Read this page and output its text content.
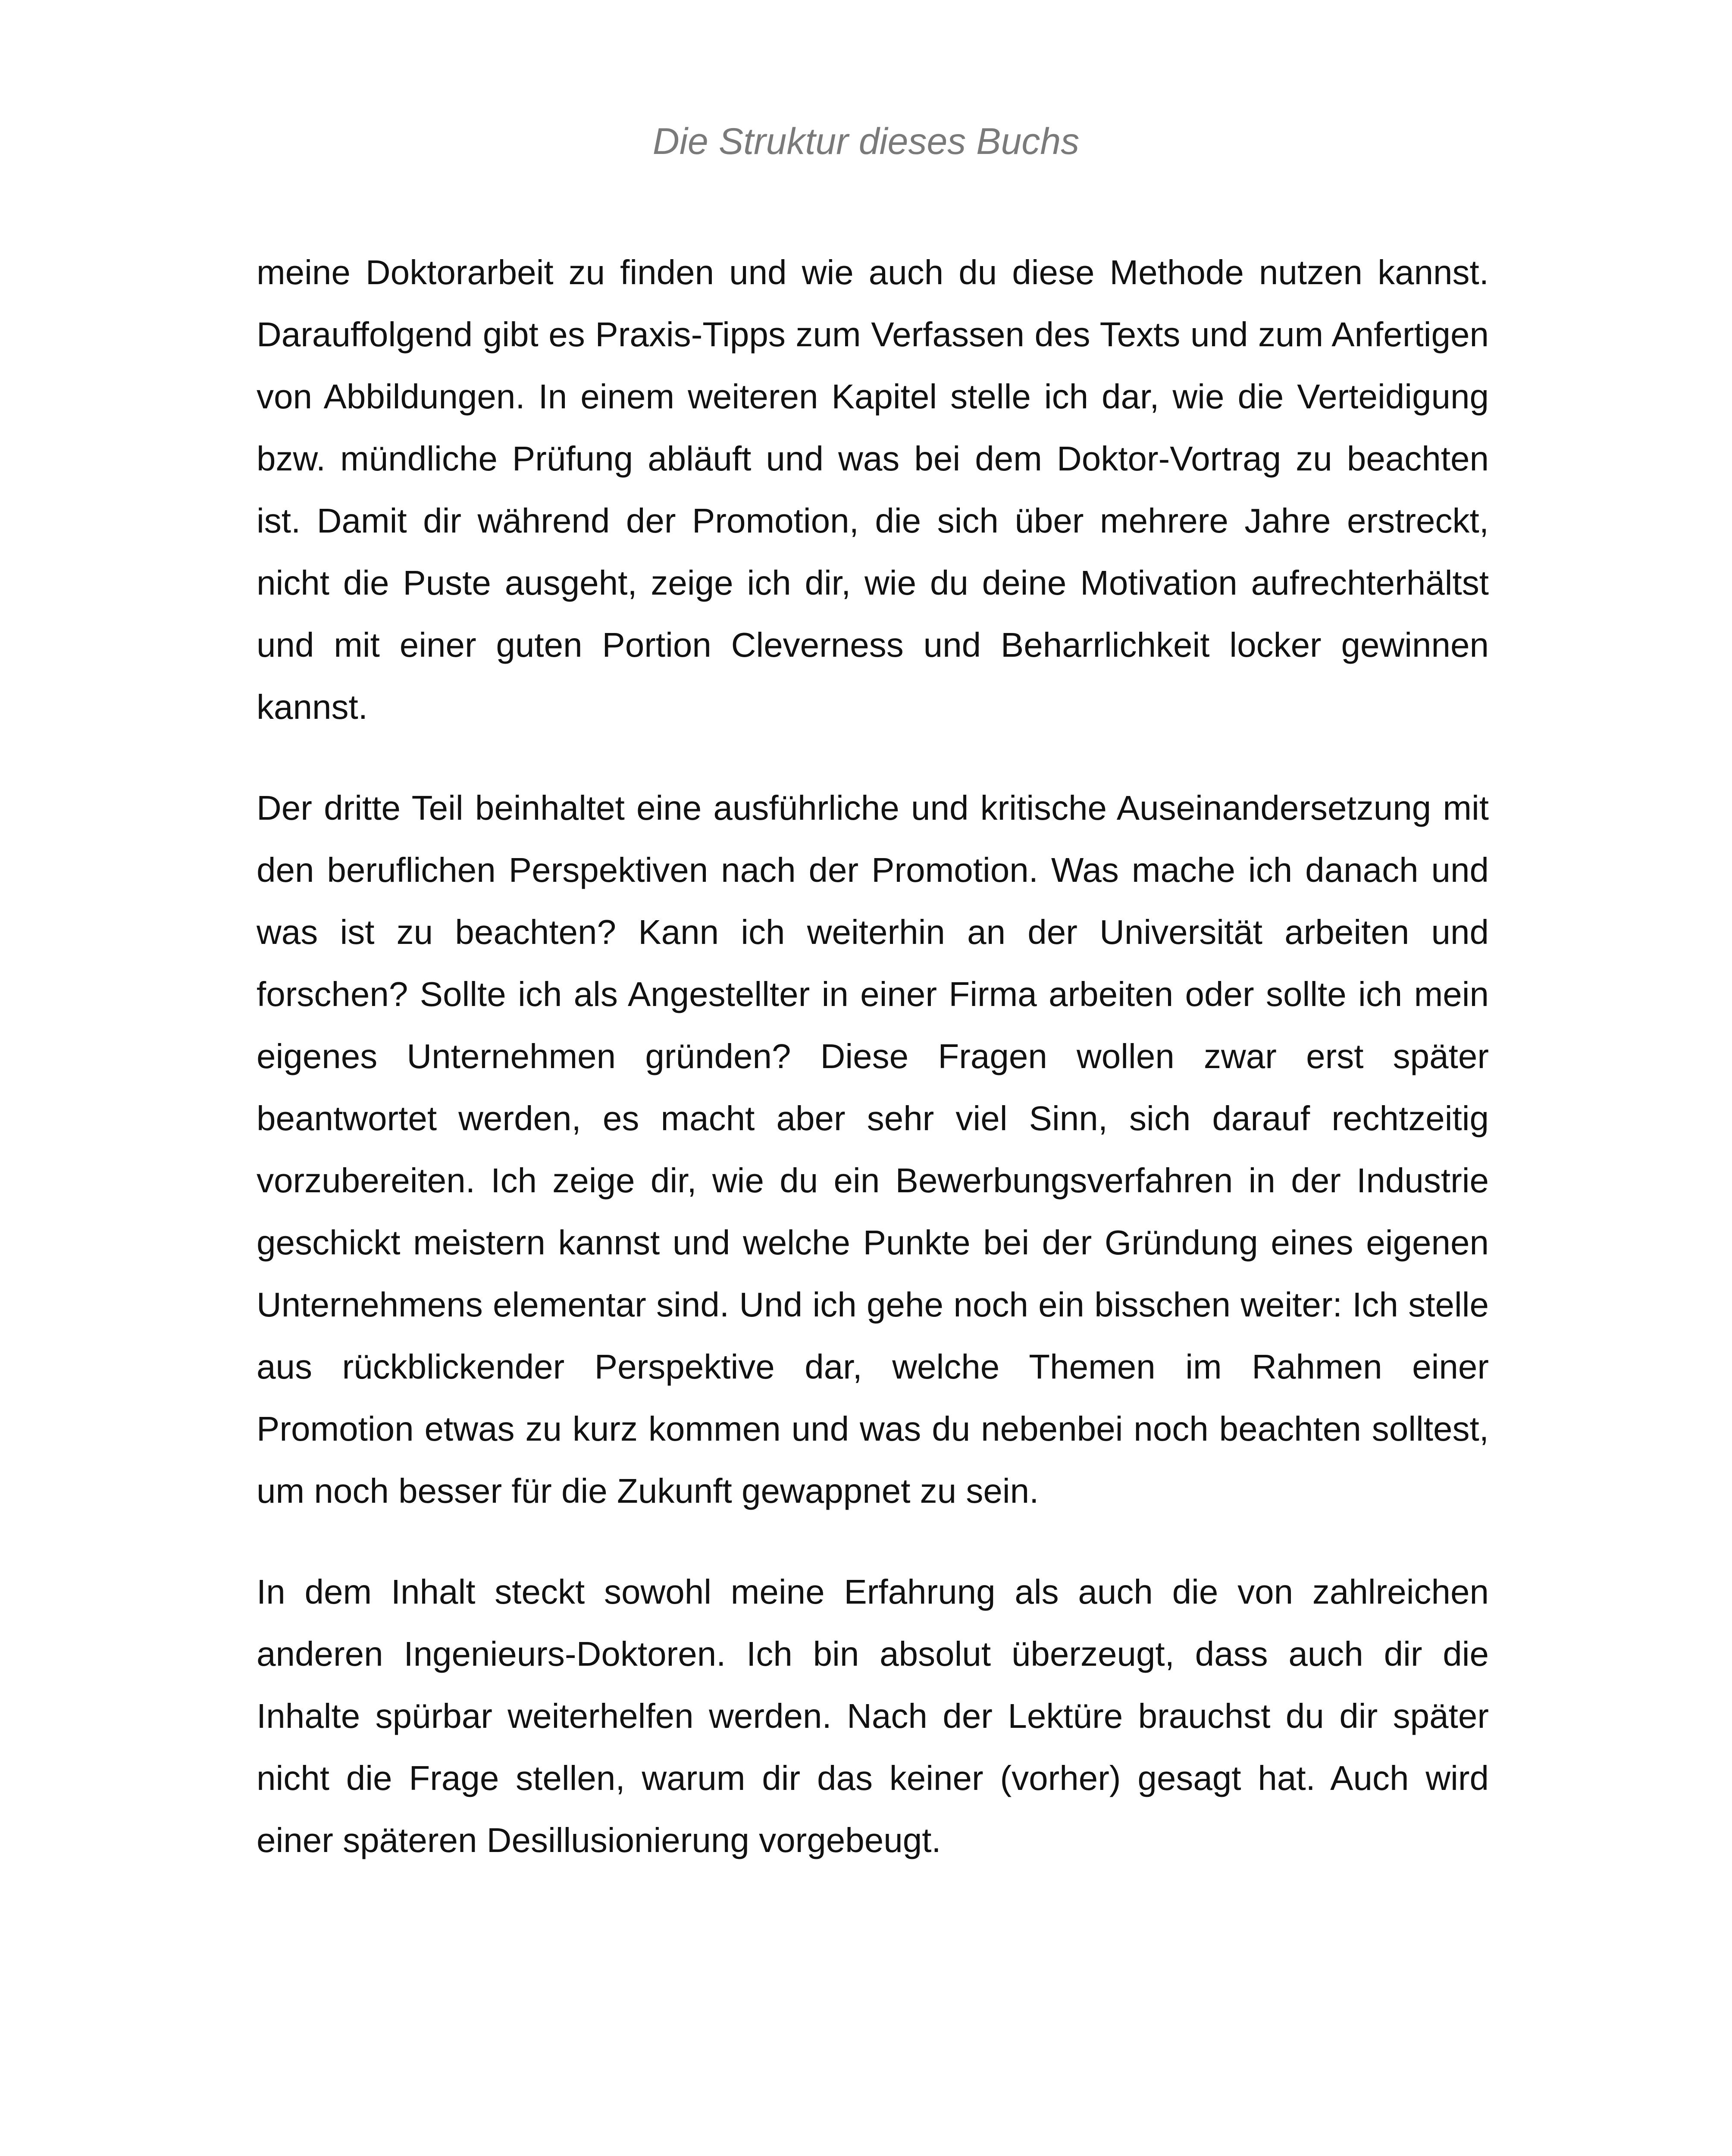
Die Struktur dieses Buchs

meine Doktorarbeit zu finden und wie auch du diese Methode nutzen kannst. Darauffolgend gibt es Praxis-Tipps zum Verfassen des Texts und zum Anfertigen von Abbildungen. In einem weiteren Kapitel stelle ich dar, wie die Verteidigung bzw. mündliche Prüfung abläuft und was bei dem Doktor-Vortrag zu beachten ist. Damit dir während der Promotion, die sich über mehrere Jahre erstreckt, nicht die Puste ausgeht, zeige ich dir, wie du deine Motivation aufrechterhältst und mit einer guten Portion Cleverness und Beharrlichkeit locker gewinnen kannst.

Der dritte Teil beinhaltet eine ausführliche und kritische Auseinandersetzung mit den beruflichen Perspektiven nach der Promotion. Was mache ich danach und was ist zu beachten? Kann ich weiterhin an der Universität arbeiten und forschen? Sollte ich als Angestellter in einer Firma arbeiten oder sollte ich mein eigenes Unternehmen gründen? Diese Fragen wollen zwar erst später beantwortet werden, es macht aber sehr viel Sinn, sich darauf rechtzeitig vorzubereiten. Ich zeige dir, wie du ein Bewerbungsverfahren in der Industrie geschickt meistern kannst und welche Punkte bei der Gründung eines eigenen Unternehmens elementar sind. Und ich gehe noch ein bisschen weiter: Ich stelle aus rückblickender Perspektive dar, welche Themen im Rahmen einer Promotion etwas zu kurz kommen und was du nebenbei noch beachten solltest, um noch besser für die Zukunft gewappnet zu sein.

In dem Inhalt steckt sowohl meine Erfahrung als auch die von zahlreichen anderen Ingenieurs-Doktoren. Ich bin absolut überzeugt, dass auch dir die Inhalte spürbar weiterhelfen werden. Nach der Lektüre brauchst du dir später nicht die Frage stellen, warum dir das keiner (vorher) gesagt hat. Auch wird einer späteren Desillusionierung vorgebeugt.
